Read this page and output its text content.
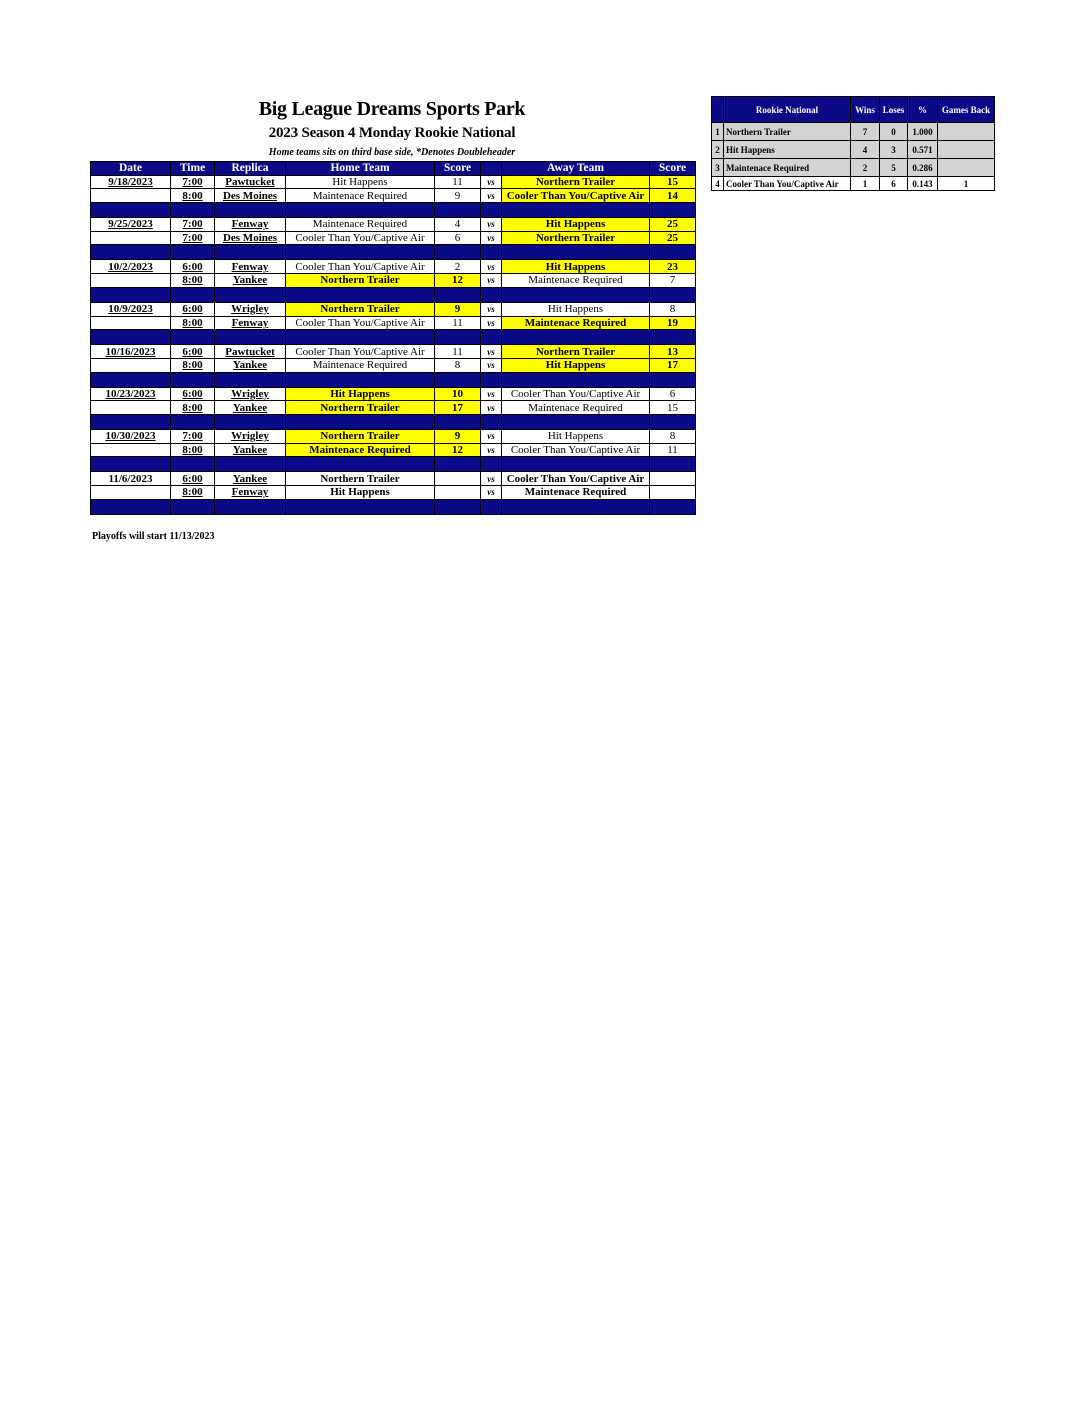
Big League Dreams Sports Park
2023 Season 4 Monday Rookie National
Home teams sits on third base side, *Denotes Doubleheader
Date	Time	Replica	Home Team	Score		Away Team	Score
9/18/2023	7:00	Pawtucket	Hit Happens	11	vs	Northern Trailer	15
	8:00	Des Moines	Maintenace Required	9	vs	Cooler Than You/Captive Air	14

9/25/2023	7:00	Fenway	Maintenace Required	4	vs	Hit Happens	25
	7:00	Des Moines	Cooler Than You/Captive Air	6	vs	Northern Trailer	25

10/2/2023	6:00	Fenway	Cooler Than You/Captive Air	2	vs	Hit Happens	23
	8:00	Yankee	Northern Trailer	12	vs	Maintenace Required	7

10/9/2023	6:00	Wrigley	Northern Trailer	9	vs	Hit Happens	8
	8:00	Fenway	Cooler Than You/Captive Air	11	vs	Maintenace Required	19

10/16/2023	6:00	Pawtucket	Cooler Than You/Captive Air	11	vs	Northern Trailer	13
	8:00	Yankee	Maintenace Required	8	vs	Hit Happens	17

10/23/2023	6:00	Wrigley	Hit Happens	10	vs	Cooler Than You/Captive Air	6
	8:00	Yankee	Northern Trailer	17	vs	Maintenace Required	15

10/30/2023	7:00	Wrigley	Northern Trailer	9	vs	Hit Happens	8
	8:00	Yankee	Maintenace Required	12	vs	Cooler Than You/Captive Air	11

11/6/2023	6:00	Yankee	Northern Trailer		vs	Cooler Than You/Captive Air	
	8:00	Fenway	Hit Happens		vs	Maintenace Required	

Playoffs will start 11/13/2023
	Rookie National	Wins	Loses	%	Games Back
1	Northern Trailer	7	0	1.000	
2	Hit Happens	4	3	0.571	
3	Maintenace Required	2	5	0.286	
4	Cooler Than You/Captive Air	1	6	0.143	1
